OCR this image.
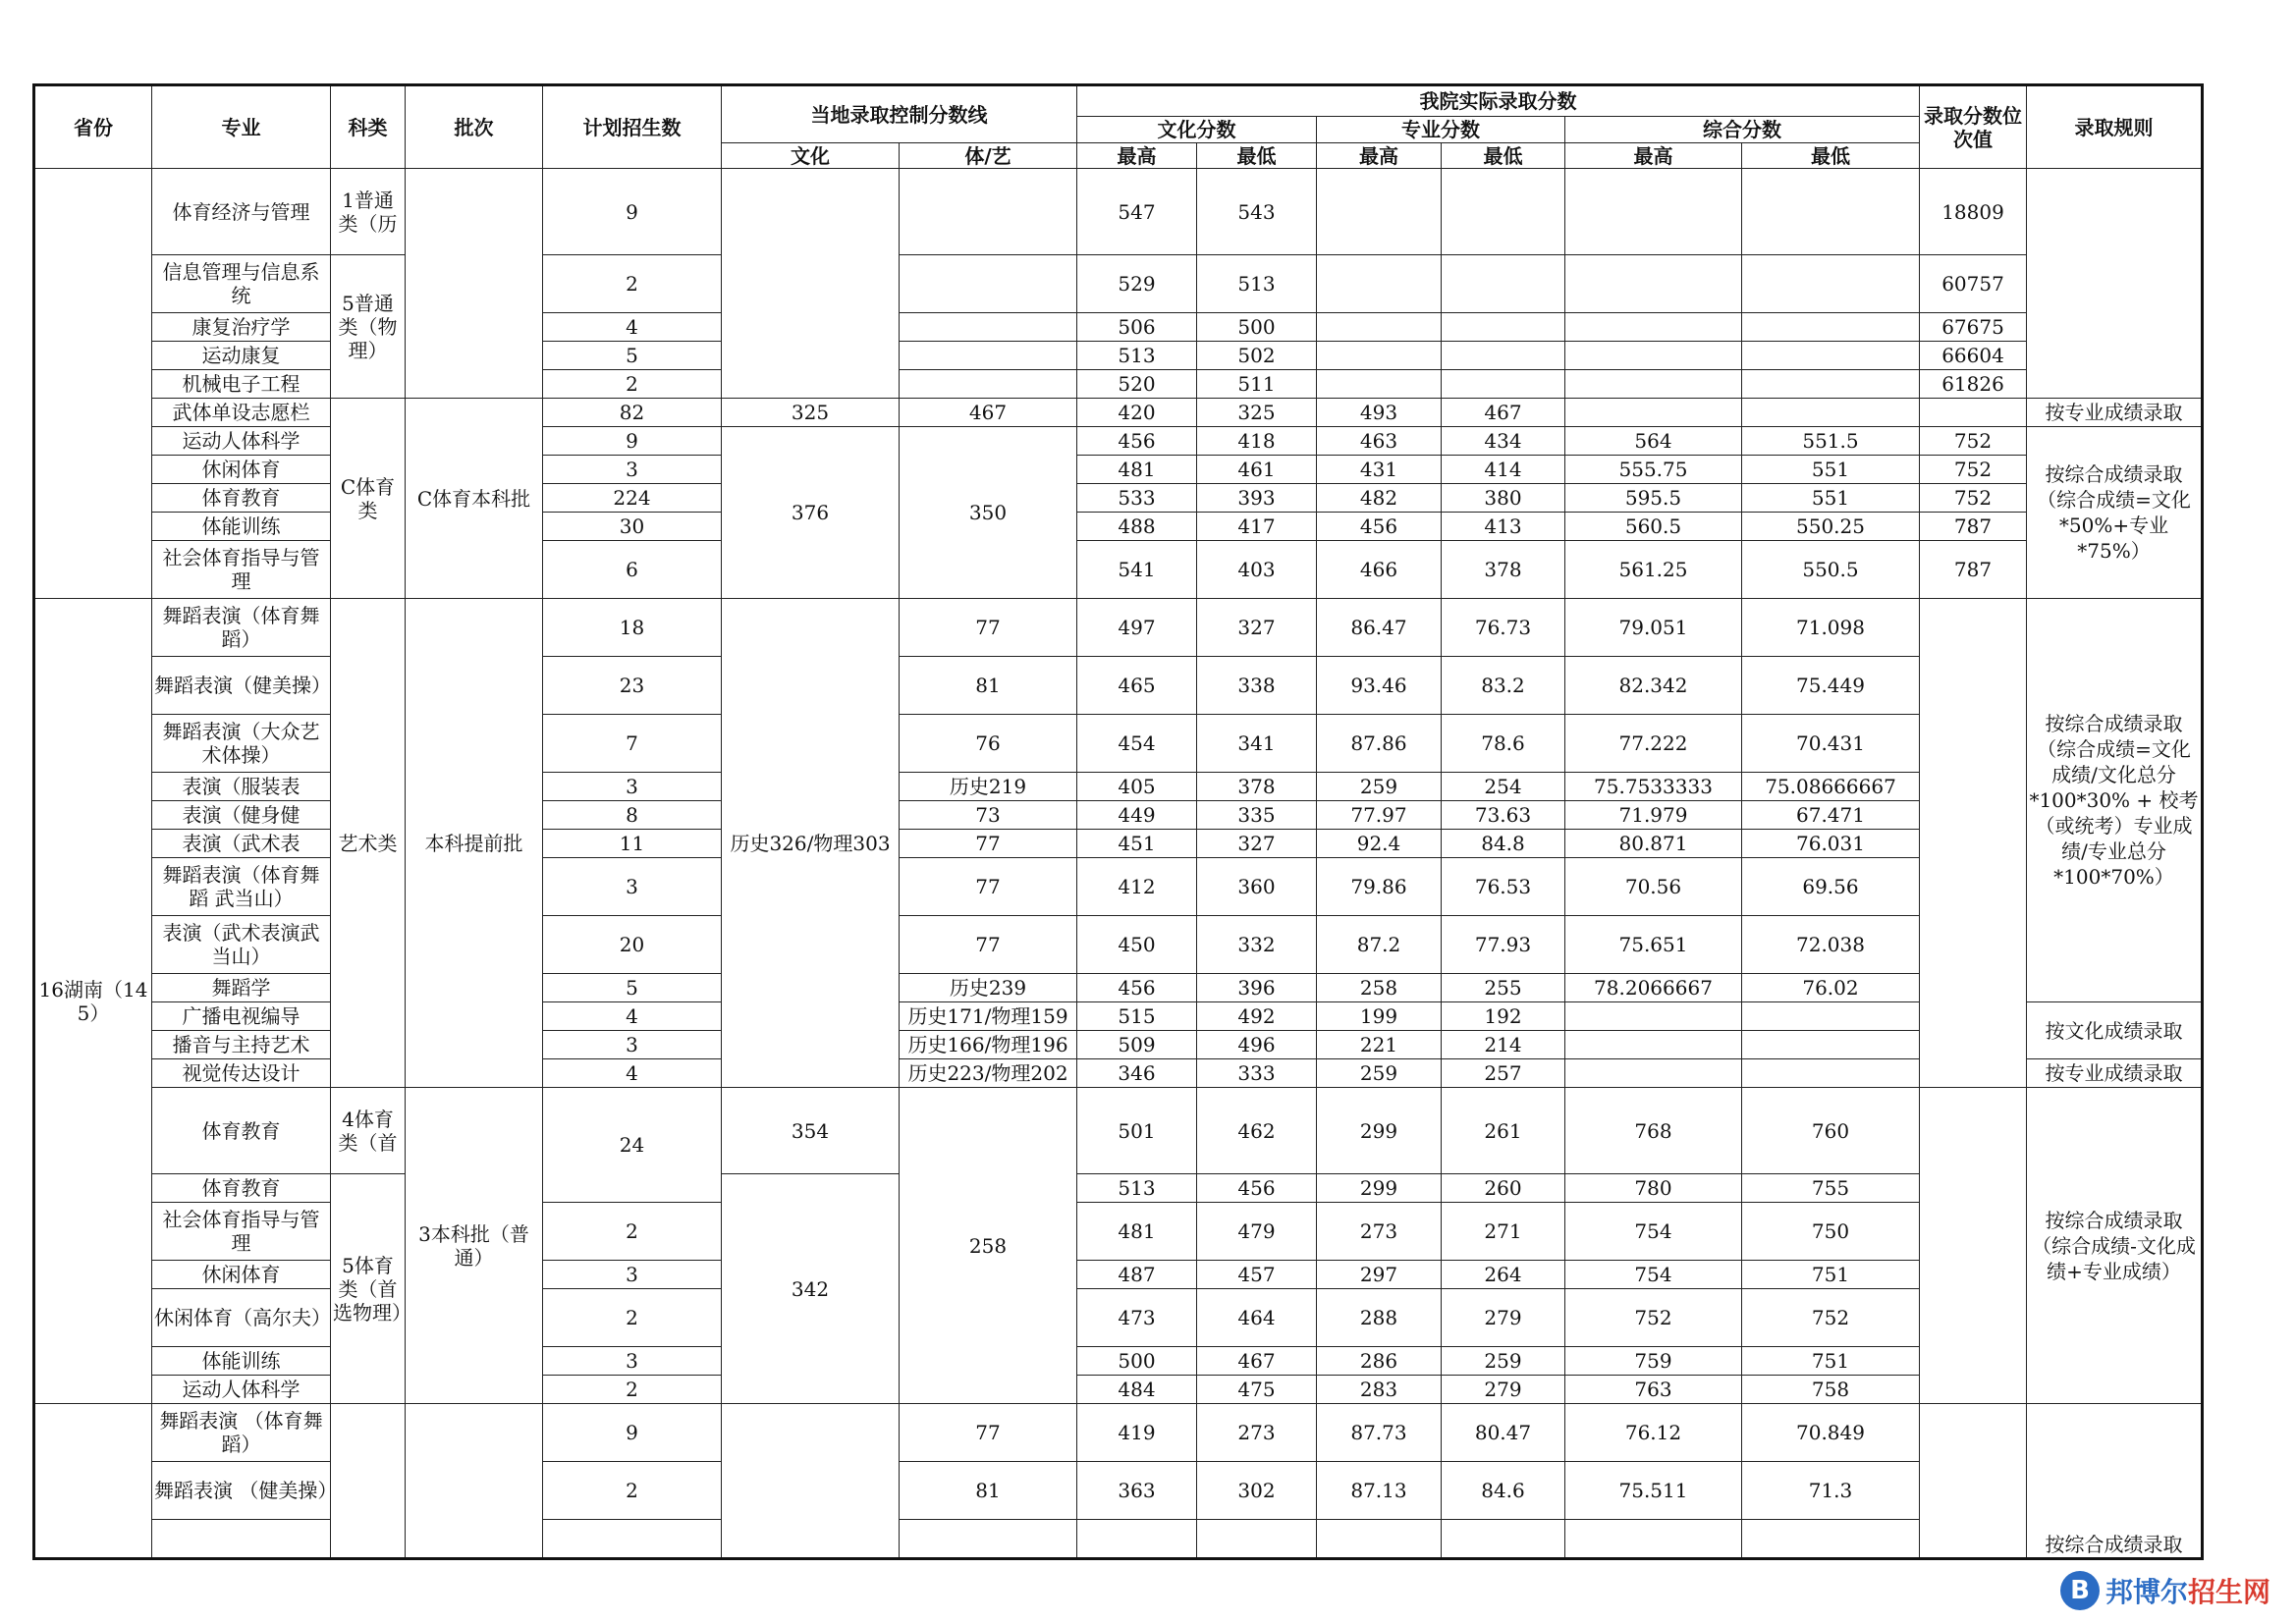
省份	专业	科类	批次	计划招生数	当地录取控制分数线		我院实际录取分数						录取分数位次值	录取规则
							文化分数		专业分数		综合分数			
					文化	体/艺	最高	最低	最高	最低	最高	最低		
	体育经济与管理	1普通类（历		9			547	543					18809	
	信息管理与信息系统	5普通类（物理）		2			529	513					60757	
	康复治疗学			4			506	500					67675	
	运动康复			5			513	502					66604	
	机械电子工程			2			520	511					61826	
	武体单设志愿栏	C体育类	C体育本科批	82	325	467	420	325	493	467				按专业成绩录取
	运动人体科学			9	376	350	456	418	463	434	564	551.5	752	按综合成绩录取（综合成绩=文化*50%+专业*75%）
	休闲体育			3			481	461	431	414	555.75	551	752	
	体育教育			224			533	393	482	380	595.5	551	752	
	体能训练			30			488	417	456	413	560.5	550.25	787	
	社会体育指导与管理			6			541	403	466	378	561.25	550.5	787	
16湖南（145）	舞蹈表演（体育舞蹈）	艺术类	本科提前批	18	历史326/物理303	77	497	327	86.47	76.73	79.051	71.098		按综合成绩录取（综合成绩=文化成绩/文化总分*100*30% + 校考（或统考）专业成绩/专业总分*100*70%）
	舞蹈表演（健美操）			23		81	465	338	93.46	83.2	82.342	75.449		
	舞蹈表演（大众艺术体操）			7		76	454	341	87.86	78.6	77.222	70.431		
	表演（服装表			3		历史219	405	378	259	254	75.7533333	75.08666667		
	表演（健身健			8		73	449	335	77.97	73.63	71.979	67.471		
	表演（武术表			11		77	451	327	92.4	84.8	80.871	76.031		
	舞蹈表演（体育舞蹈 武当山）			3		77	412	360	79.86	76.53	70.56	69.56		
	表演（武术表演武当山）			20		77	450	332	87.2	77.93	75.651	72.038		
	舞蹈学			5		历史239	456	396	258	255	78.2066667	76.02		
	广播电视编导			4		历史171/物理159	515	492	199	192				按文化成绩录取
	播音与主持艺术			3		历史166/物理196	509	496	221	214				
	视觉传达设计			4		历史223/物理202	346	333	259	257				按专业成绩录取
	体育教育	4体育类（首	3本科批（普通）	24	354	258	501	462	299	261	768	760		按综合成绩录取（综合成绩-文化成绩+专业成绩）
	体育教育	5体育类（首选物理）			342		513	456	299	260	780	755		
	社会体育指导与管理			2			481	479	273	271	754	750		
	休闲体育			3			487	457	297	264	754	751		
	休闲体育（高尔夫）			2			473	464	288	279	752	752		
	体能训练			3			500	467	286	259	759	751		
	运动人体科学			2			484	475	283	279	763	758		
	舞蹈表演 （体育舞蹈）			9		77	419	273	87.73	80.47	76.12	70.849		按综合成绩录取
	舞蹈表演 （健美操）			2		81	363	302	87.13	84.6	75.511	71.3		

B 邦博尔招生网
